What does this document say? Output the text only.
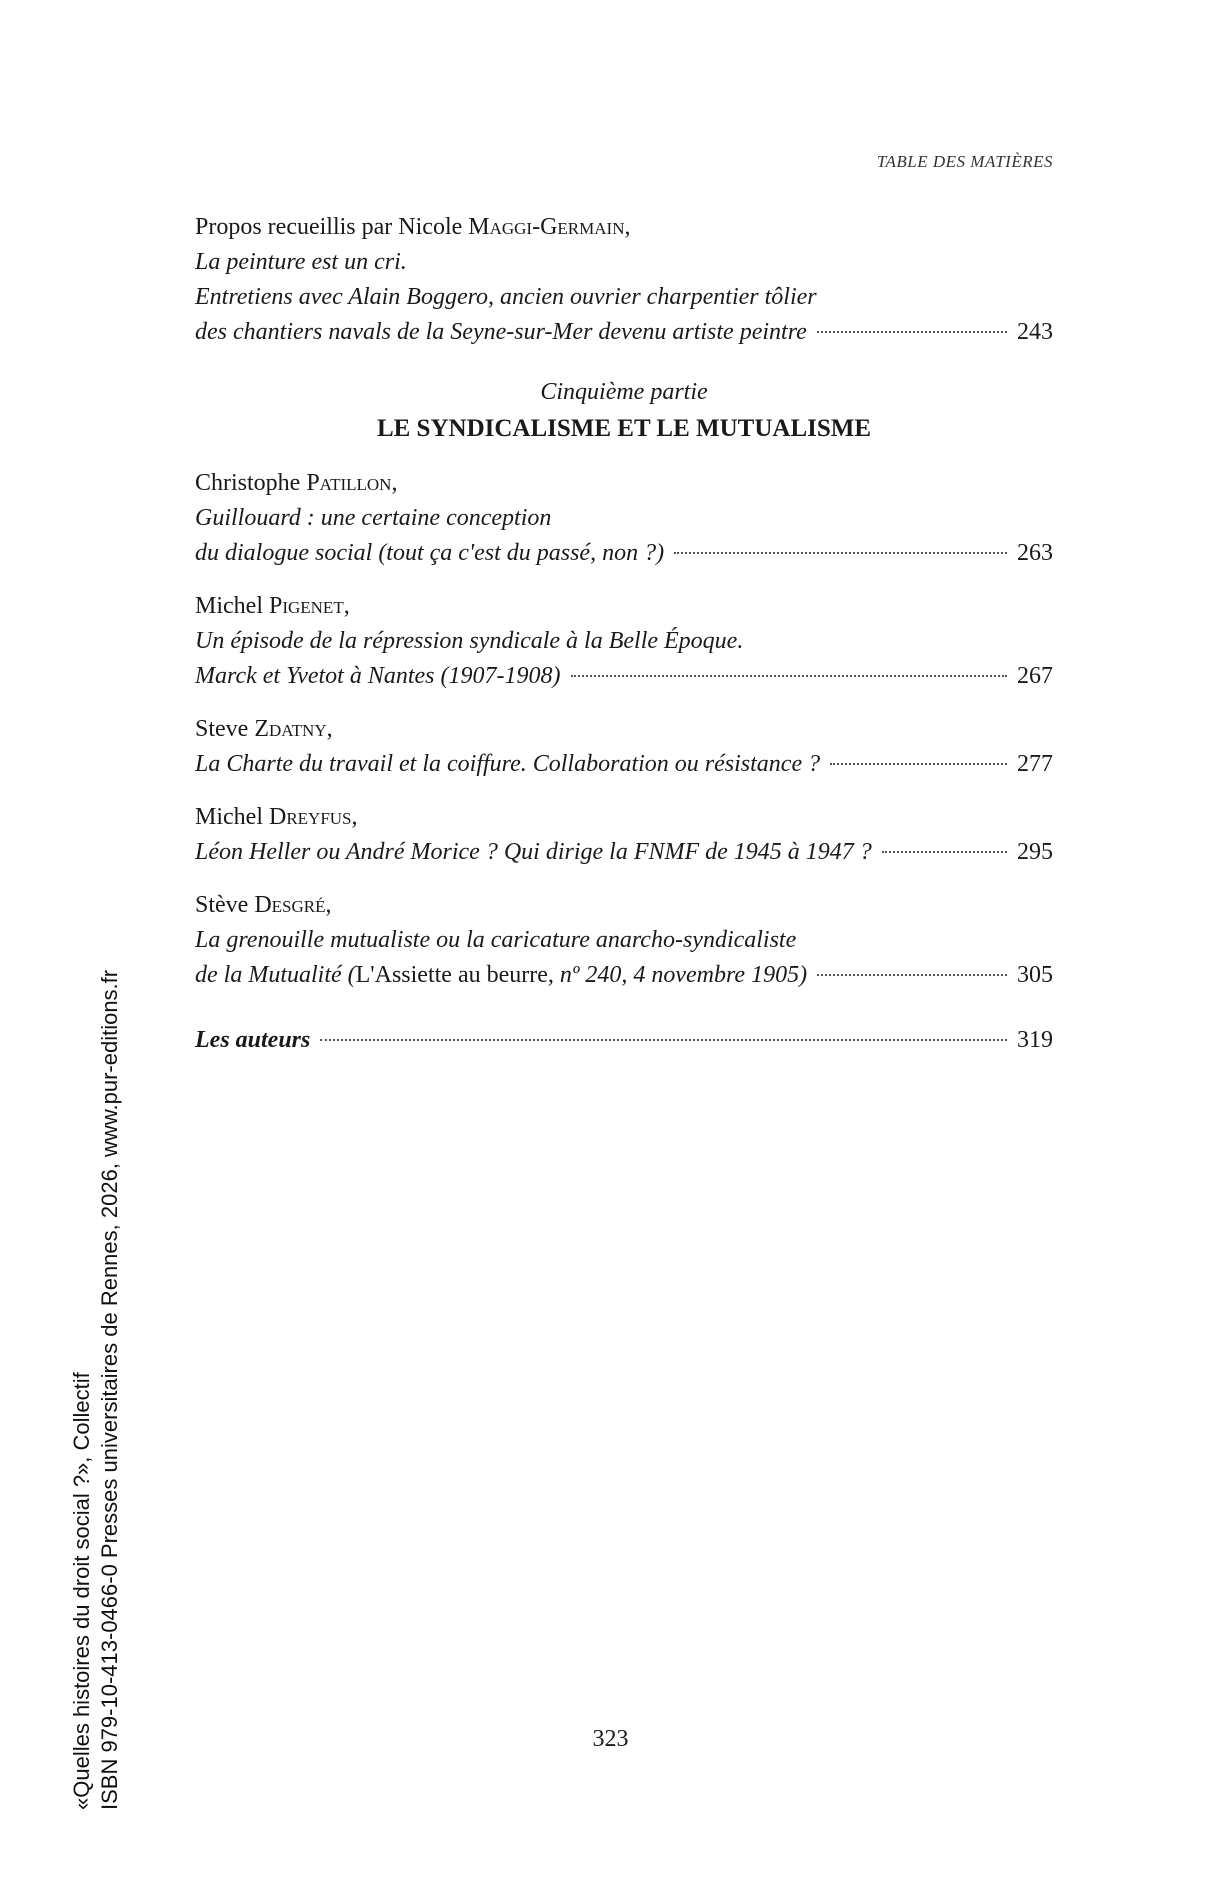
TABLE DES MATIÈRES
Propos recueillis par Nicole Maggi-Germain,
La peinture est un cri.
Entretiens avec Alain Boggero, ancien ouvrier charpentier tôlier
des chantiers navals de la Seyne-sur-Mer devenu artiste peintre	243
Cinquième partie
LE SYNDICALISME ET LE MUTUALISME
Christophe Patillon,
Guillouard : une certaine conception
du dialogue social (tout ça c'est du passé, non ?)	263
Michel Pigenet,
Un épisode de la répression syndicale à la Belle Époque.
Marck et Yvetot à Nantes (1907-1908)	267
Steve Zdatny,
La Charte du travail et la coiffure. Collaboration ou résistance ?	277
Michel Dreyfus,
Léon Heller ou André Morice ? Qui dirige la FNMF de 1945 à 1947 ?	295
Stève Desgré,
La grenouille mutualiste ou la caricature anarcho-syndicaliste
de la Mutualité (L'Assiette au beurre, nº 240, 4 novembre 1905)	305
Les auteurs	319
323
«Quelles histoires du droit social ?», Collectif ISBN 979-10-413-0466-0 Presses universitaires de Rennes, 2026, www.pur-editions.fr
